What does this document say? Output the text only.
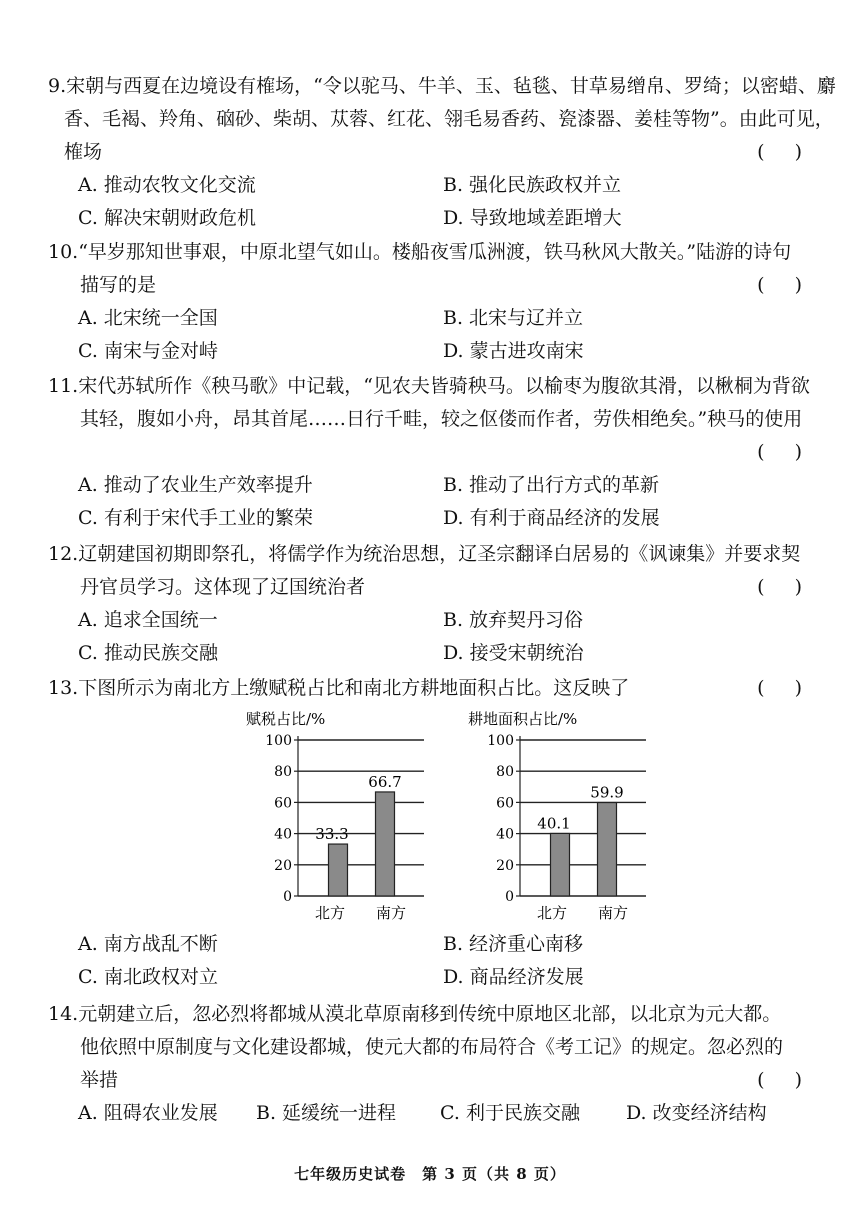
9.宋朝与西夏在边境设有榷场，“令以驼马、牛羊、玉、毡毯、甘草易缯帛、罗绮；以密蜡、麝
香、毛褐、羚角、硇砂、柴胡、苁蓉、红花、翎毛易香药、瓷漆器、姜桂等物”。由此可见，
榷场	( )
A. 推动农牧文化交流	B. 强化民族政权并立
C. 解决宋朝财政危机	D. 导致地域差距增大
10.“早岁那知世事艰，中原北望气如山。楼船夜雪瓜洲渡，铁马秋风大散关。”陆游的诗句
描写的是	( )
A. 北宋统一全国	B. 北宋与辽并立
C. 南宋与金对峙	D. 蒙古进攻南宋
11.宋代苏轼所作《秧马歌》中记载，“见农夫皆骑秧马。以榆枣为腹欲其滑，以楸桐为背欲
其轻，腹如小舟，昂其首尾……日行千畦，较之伛偻而作者，劳佚相绝矣。”秧马的使用
( )
A. 推动了农业生产效率提升	B. 推动了出行方式的革新
C. 有利于宋代手工业的繁荣	D. 有利于商品经济的发展
12.辽朝建国初期即祭孔，将儒学作为统治思想，辽圣宗翻译白居易的《讽谏集》并要求契
丹官员学习。这体现了辽国统治者	( )
A. 追求全国统一	B. 放弃契丹习俗
C. 推动民族交融	D. 接受宋朝统治
13.下图所示为南北方上缴赋税占比和南北方耕地面积占比。这反映了	( )
赋税占比/%
100
80
60
40
20
0
33.3
北方
66.7
南方
耕地面积占比/%
100
80
60
40
20
0
40.1
北方
59.9
南方
A. 南方战乱不断	B. 经济重心南移
C. 南北政权对立	D. 商品经济发展
14.元朝建立后，忽必烈将都城从漠北草原南移到传统中原地区北部，以北京为元大都。
他依照中原制度与文化建设都城，使元大都的布局符合《考工记》的规定。忽必烈的
举措	( )
A. 阻碍农业发展 B. 延缓统一进程 C. 利于民族交融 D. 改变经济结构
七年级历史试卷　第 3 页（共 8 页）
